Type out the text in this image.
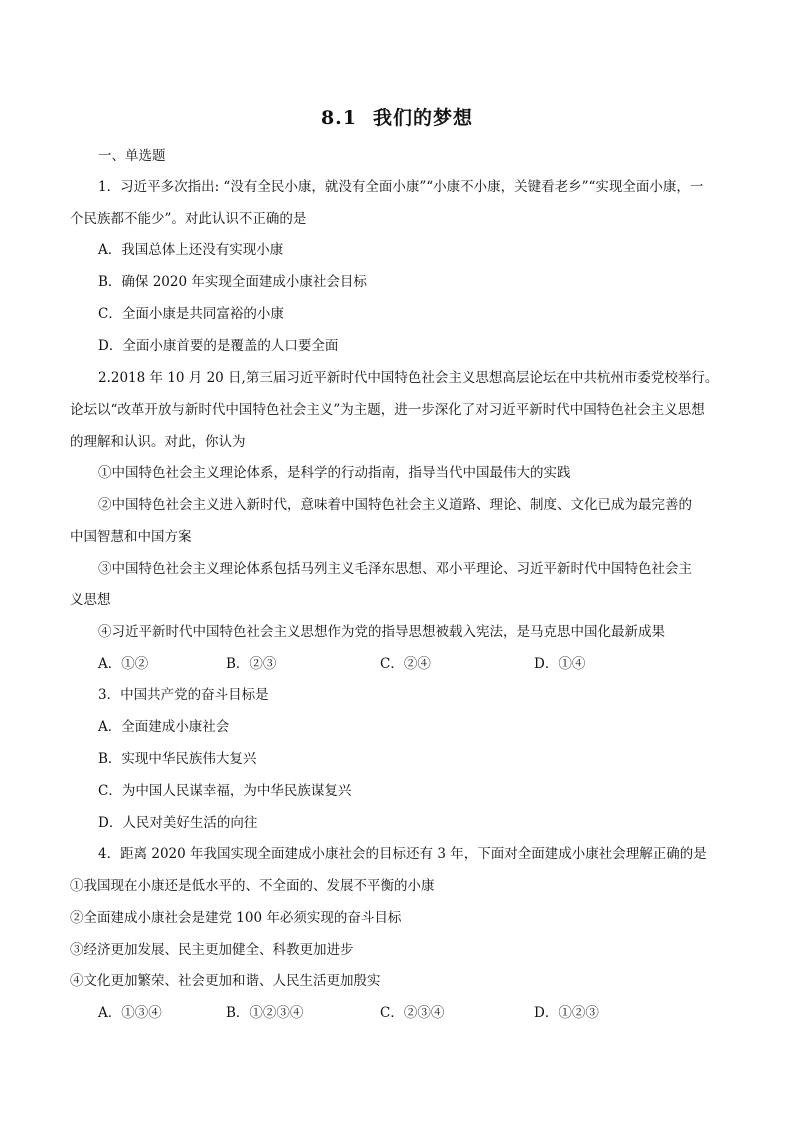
8.1 我们的梦想
一、单选题
1．习近平多次指出: “没有全民小康，就没有全面小康”“小康不小康，关键看老乡”“实现全面小康，一
个民族都不能少”。对此认识不正确的是
A．我国总体上还没有实现小康
B．确保 2020 年实现全面建成小康社会目标
C．全面小康是共同富裕的小康
D．全面小康首要的是覆盖的人口要全面
2.2018 年 10 月 20 日,第三届习近平新时代中国特色社会主义思想高层论坛在中共杭州市委党校举行。
论坛以“改革开放与新时代中国特色社会主义”为主题，进一步深化了对习近平新时代中国特色社会主义思想
的理解和认识。对此，你认为
①中国特色社会主义理论体系，是科学的行动指南，指导当代中国最伟大的实践
②中国特色社会主义进入新时代，意味着中国特色社会主义道路、理论、制度、文化已成为最完善的
中国智慧和中国方案
③中国特色社会主义理论体系包括马列主义毛泽东思想、邓小平理论、习近平新时代中国特色社会主
义思想
④习近平新时代中国特色社会主义思想作为党的指导思想被载入宪法，是马克思中国化最新成果
A．①②	B．②③	C．②④	D．①④
3．中国共产党的奋斗目标是
A．全面建成小康社会
B．实现中华民族伟大复兴
C．为中国人民谋幸福，为中华民族谋复兴
D．人民对美好生活的向往
4．距离 2020 年我国实现全面建成小康社会的目标还有 3 年，下面对全面建成小康社会理解正确的是
①我国现在小康还是低水平的、不全面的、发展不平衡的小康
②全面建成小康社会是建党 100 年必须实现的奋斗目标
③经济更加发展、民主更加健全、科教更加进步
④文化更加繁荣、社会更加和谐、人民生活更加殷实
A．①③④	B．①②③④	C．②③④	D．①②③
